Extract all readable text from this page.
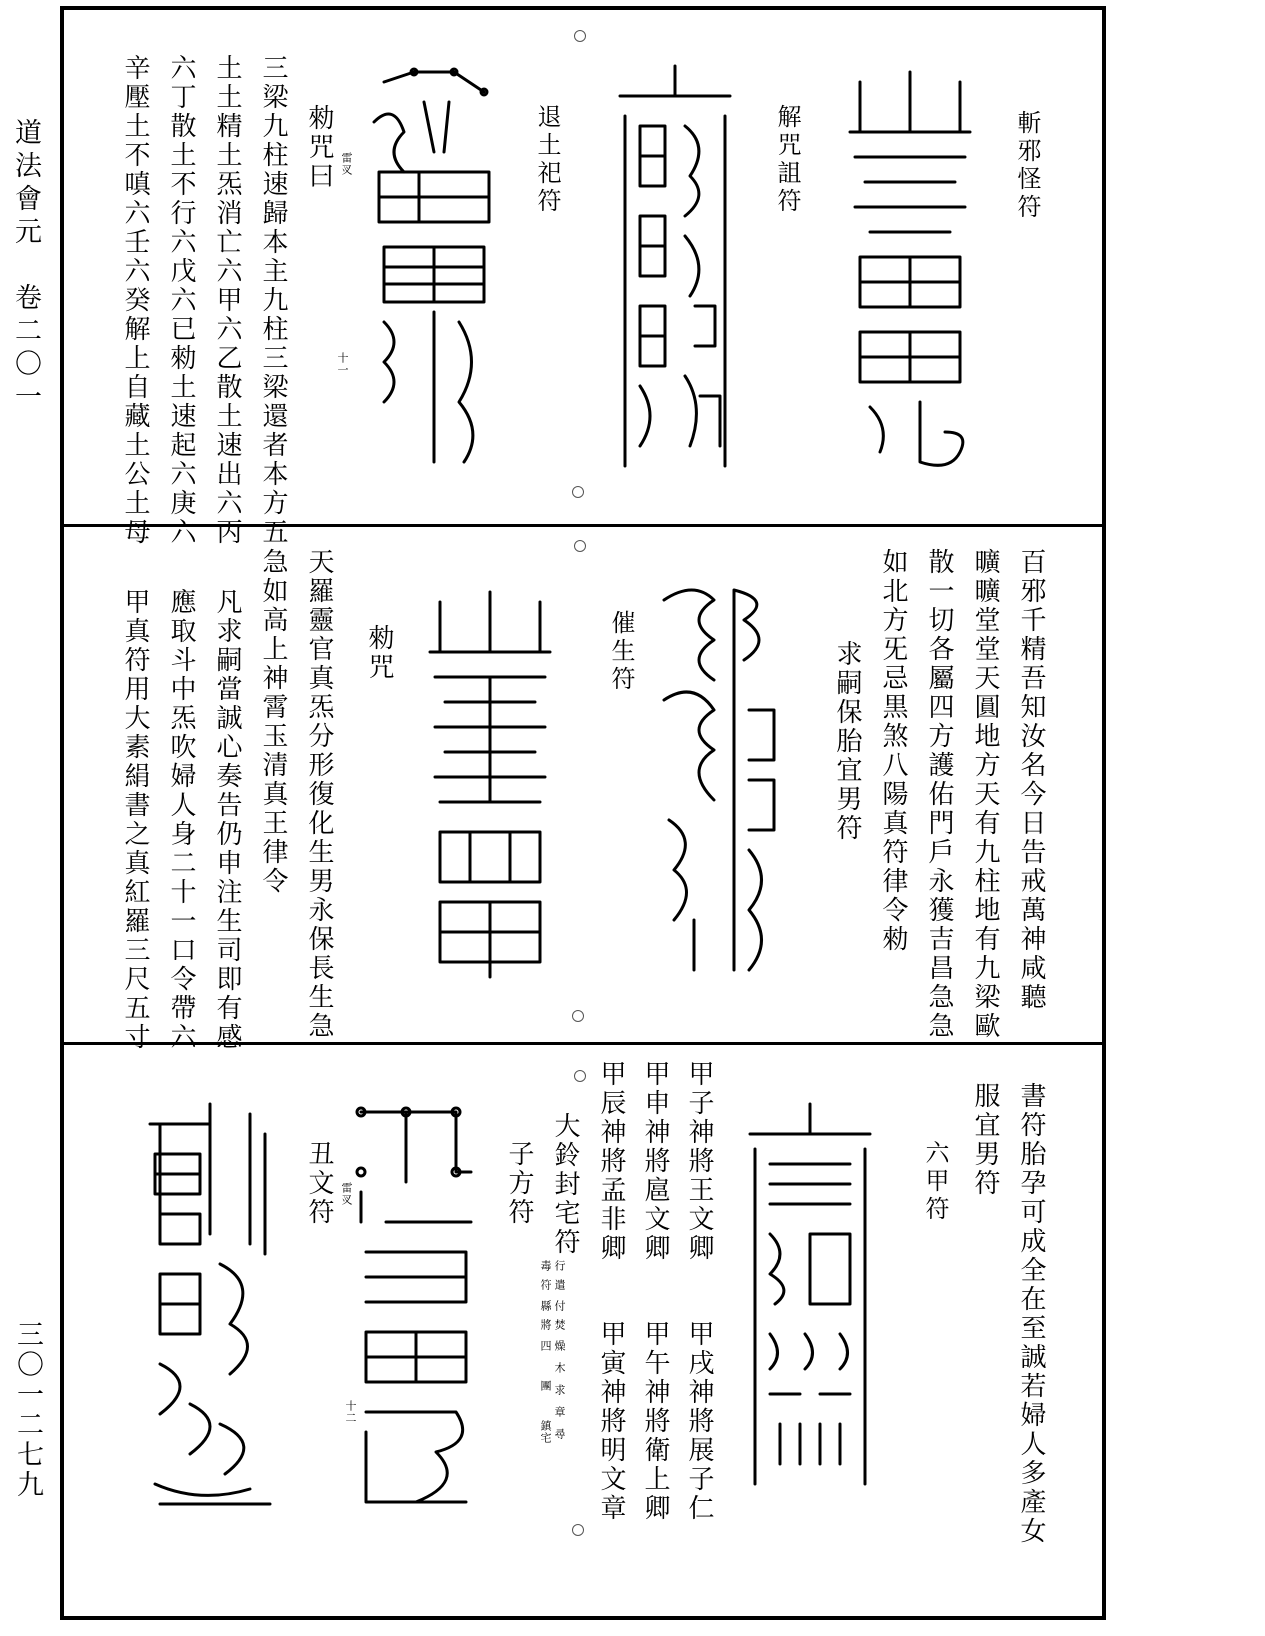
道法會元　卷二〇一
三〇一二七九
斬邪怪符
解咒詛符
退土祀符
勑咒曰 雷㕚
十一
三梁九柱速歸本主九柱三梁還者本方五
土土精土炁消亡六甲六乙散土速出六丙
六丁散土不行六戊六已勑土速起六庚六
辛壓土不嗔六壬六癸解上自藏土公土母
百邪千精吾知汝名今日告戒萬神咸聽
曠曠堂堂天圓地方天有九柱地有九梁歐
散一切各屬四方護佑門戶永獲吉昌急急
如北方旡忌黒煞八陽真符律令勑
求嗣保胎宜男符
催生符
勑咒
天羅靈官真炁分形復化生男永保長生急
急如高上神霄玉清真王律令
凡求嗣當誠心奏告仍申注生司即有感
應取斗中炁吹婦人身二十一口令帶六
甲真符用大素絹書之真紅羅三尺五寸
書符胎孕可成全在至誠若婦人多產女
服宜男符
六甲符
甲子神將王文卿
甲申神將扈文卿
甲辰神將孟非卿
甲戌神將展子仁
甲午神將衛上卿
甲寅神將明文章
子方符 大鈴封宅符
行遣
毒符
付焚
縣將
燥
木
求
章
尋
四
團
鎮宅
丑文符 雷㕚
十二
